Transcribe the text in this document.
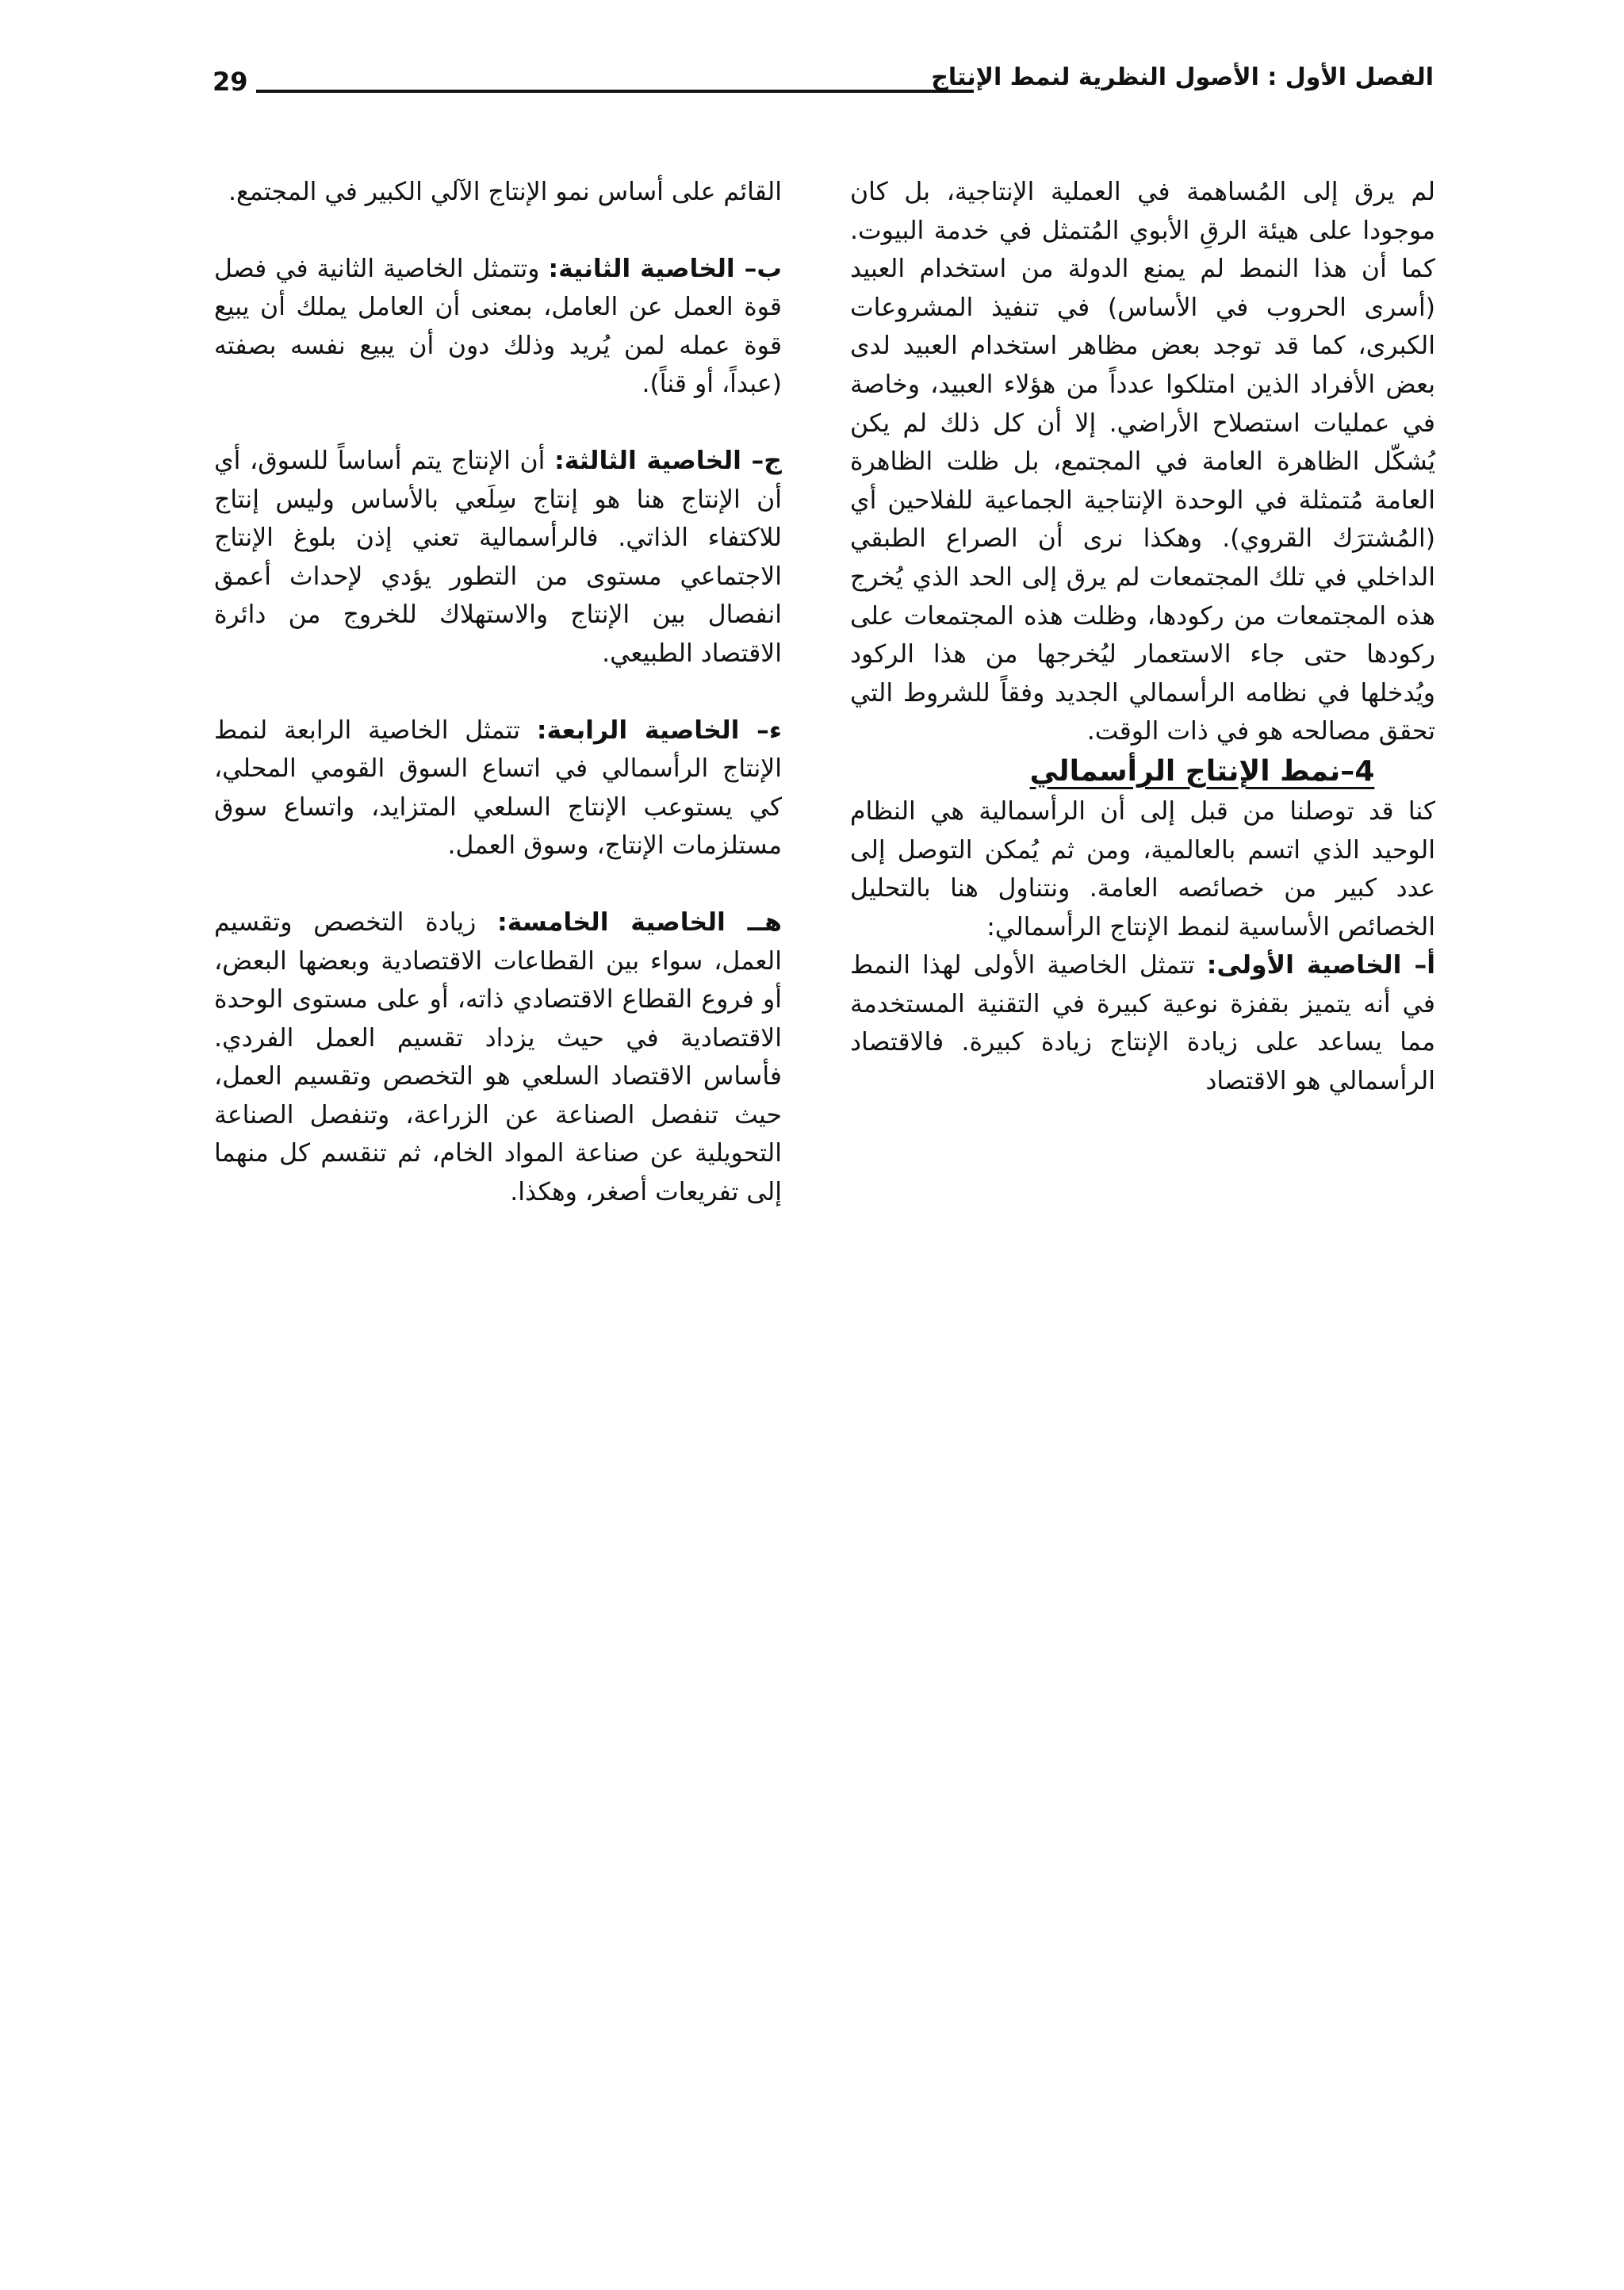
29	الفصل الأول : الأصول النظرية لنمط الإنتاج

لم يرق إلى المُساهمة في العملية الإنتاجية، بل كان موجودا على هيئة الرقِ الأبوي المُتمثل في خدمة البيوت. كما أن هذا النمط لم يمنع الدولة من استخدام العبيد (أسرى الحروب في الأساس) في تنفيذ المشروعات الكبرى، كما قد توجد بعض مظاهر استخدام العبيد لدى بعض الأفراد الذين امتلكوا عدداً من هؤلاء العبيد، وخاصة في عمليات استصلاح الأراضي. إلا أن كل ذلك لم يكن يُشكّل الظاهرة العامة في المجتمع، بل ظلت الظاهرة العامة مُتمثلة في الوحدة الإنتاجية الجماعية للفلاحين أي (المُشترَك القروي). وهكذا نرى أن الصراع الطبقي الداخلي في تلك المجتمعات لم يرق إلى الحد الذي يُخرج هذه المجتمعات من ركودها، وظلت هذه المجتمعات على ركودها حتى جاء الاستعمار ليُخرجها من هذا الركود ويُدخلها في نظامه الرأسمالي الجديد وفقاً للشروط التي تحقق مصالحه هو في ذات الوقت.

4–نمط الإنتاج الرأسمالي

كنا قد توصلنا من قبل إلى أن الرأسمالية هي النظام الوحيد الذي اتسم بالعالمية، ومن ثم يُمكن التوصل إلى عدد كبير من خصائصه العامة. ونتناول هنا بالتحليل الخصائص الأساسية لنمط الإنتاج الرأسمالي:

أ– الخاصية الأولى: تتمثل الخاصية الأولى لهذا النمط في أنه يتميز بقفزة نوعية كبيرة في التقنية المستخدمة مما يساعد على زيادة الإنتاج زيادة كبيرة. فالاقتصاد الرأسمالي هو الاقتصاد

القائم على أساس نمو الإنتاج الآلي الكبير في المجتمع.

ب– الخاصية الثانية: وتتمثل الخاصية الثانية في فصل قوة العمل عن العامل، بمعنى أن العامل يملك أن يبيع قوة عمله لمن يُريد وذلك دون أن يبيع نفسه بصفته (عبداً، أو قناً).

ج– الخاصية الثالثة: أن الإنتاج يتم أساساً للسوق، أي أن الإنتاج هنا هو إنتاج سِلَعي بالأساس وليس إنتاج للاكتفاء الذاتي. فالرأسمالية تعني إذن بلوغ الإنتاج الاجتماعي مستوى من التطور يؤدي لإحداث أعمق انفصال بين الإنتاج والاستهلاك للخروج من دائرة الاقتصاد الطبيعي.

ء– الخاصية الرابعة: تتمثل الخاصية الرابعة لنمط الإنتاج الرأسمالي في اتساع السوق القومي المحلي، كي يستوعب الإنتاج السلعي المتزايد، واتساع سوق مستلزمات الإنتاج، وسوق العمل.

هــ الخاصية الخامسة: زيادة التخصص وتقسيم العمل، سواء بين القطاعات الاقتصادية وبعضها البعض، أو فروع القطاع الاقتصادي ذاته، أو على مستوى الوحدة الاقتصادية في حيث يزداد تقسيم العمل الفردي. فأساس الاقتصاد السلعي هو التخصص وتقسيم العمل، حيث تنفصل الصناعة عن الزراعة، وتنفصل الصناعة التحويلية عن صناعة المواد الخام، ثم تنقسم كل منهما إلى تفريعات أصغر، وهكذا.
